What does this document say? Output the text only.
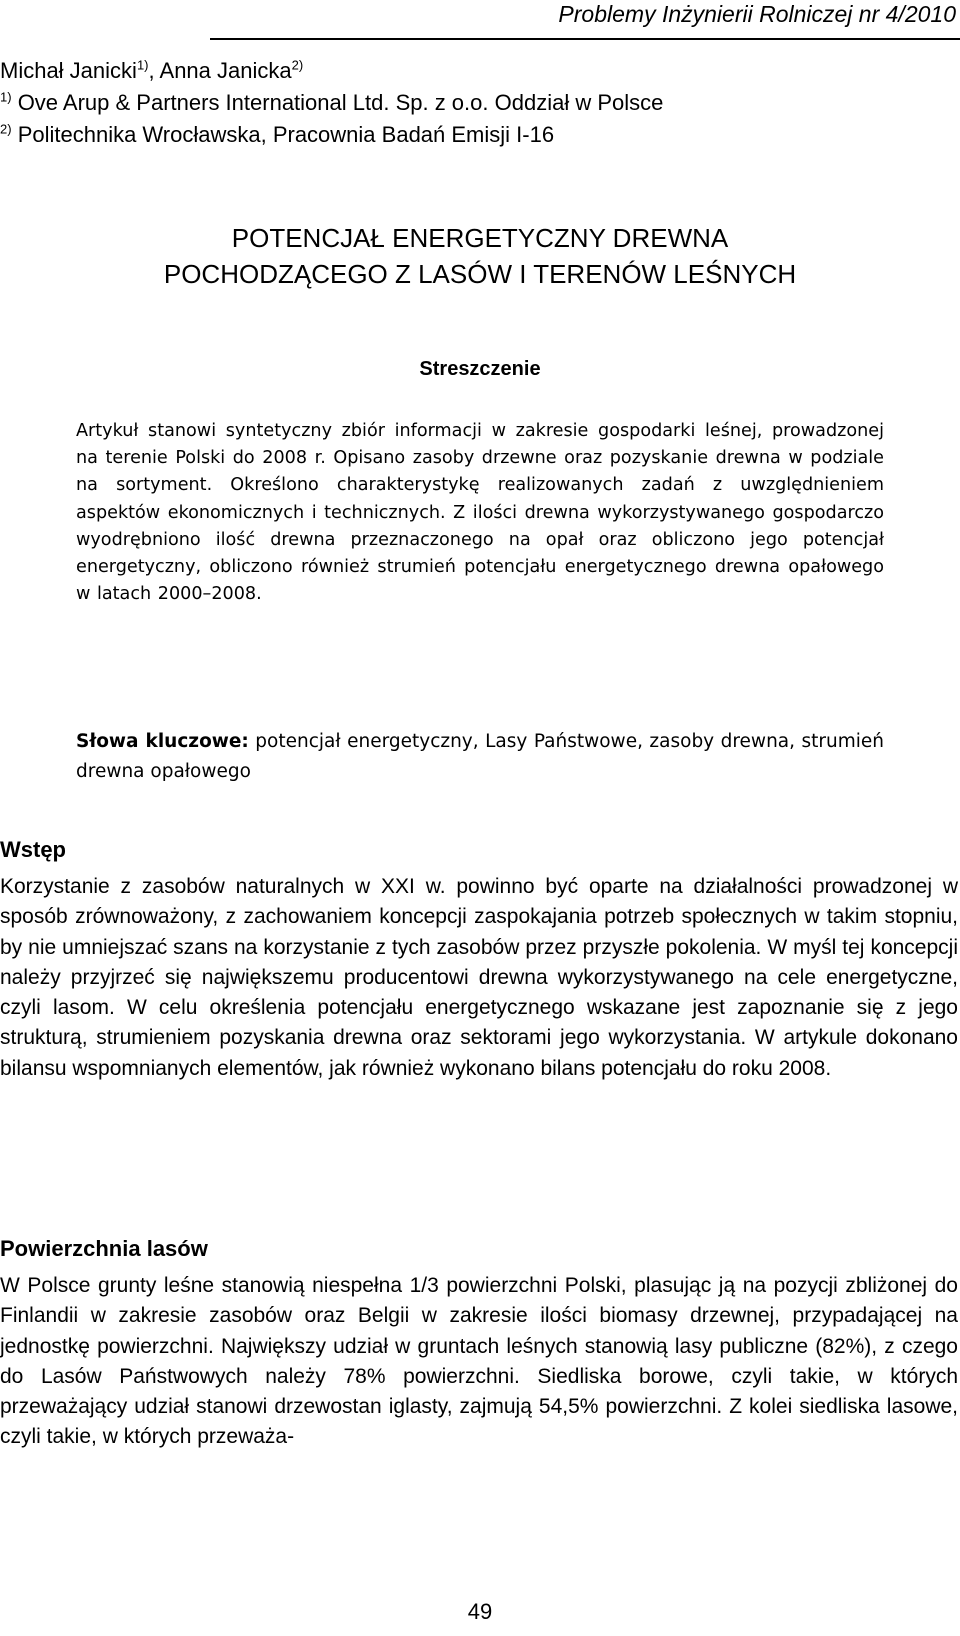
Problemy Inżynierii Rolniczej nr 4/2010
Michał Janicki$^{1)}$, Anna Janicka$^{2)}$
$^{1)}$ Ove Arup & Partners International Ltd. Sp. z o.o. Oddział w Polsce
$^{2)}$ Politechnika Wrocławska, Pracownia Badań Emisji I-16
POTENCJAŁ ENERGETYCZNY DREWNA
POCHODZĄCEGO Z LASÓW I TERENÓW LEŚNYCH
Streszczenie

Artykuł stanowi syntetyczny zbiór informacji w zakresie gospodarki leśnej, prowadzonej na terenie Polski do 2008 r. Opisano zasoby drzewne oraz pozyskanie drewna w podziale na sortyment. Określono charakterystykę realizowanych zadań z uwzględnieniem aspektów ekonomicznych i technicznych. Z ilości drewna wykorzystywanego gospodarczo wyodrębniono ilość drewna przeznaczonego na opał oraz obliczono jego potencjał energetyczny, obliczono również strumień potencjału energetycznego drewna opałowego w latach 2000–2008.

Słowa kluczowe: potencjał energetyczny, Lasy Państwowe, zasoby drewna, strumień drewna opałowego
Wstęp

Korzystanie z zasobów naturalnych w XXI w. powinno być oparte na działalności prowadzonej w sposób zrównoważony, z zachowaniem koncepcji zaspokajania potrzeb społecznych w takim stopniu, by nie umniejszać szans na korzystanie z tych zasobów przez przyszłe pokolenia. W myśl tej koncepcji należy przyjrzeć się największemu producentowi drewna wykorzystywanego na cele energetyczne, czyli lasom. W celu określenia potencjału energetycznego wskazane jest zapoznanie się z jego strukturą, strumieniem pozyskania drewna oraz sektorami jego wykorzystania. W artykule dokonano bilansu wspomnianych elementów, jak również wykonano bilans potencjału do roku 2008.

Powierzchnia lasów

W Polsce grunty leśne stanowią niespełna 1/3 powierzchni Polski, plasując ją na pozycji zbliżonej do Finlandii w zakresie zasobów oraz Belgii w zakresie ilości biomasy drzewnej, przypadającej na jednostkę powierzchni. Największy udział w gruntach leśnych stanowią lasy publiczne (82%), z czego do Lasów Państwowych należy 78% powierzchni. Siedliska borowe, czyli takie, w których przeważający udział stanowi drzewostan iglasty, zajmują 54,5% powierzchni. Z kolei siedliska lasowe, czyli takie, w których przeważa-

49
